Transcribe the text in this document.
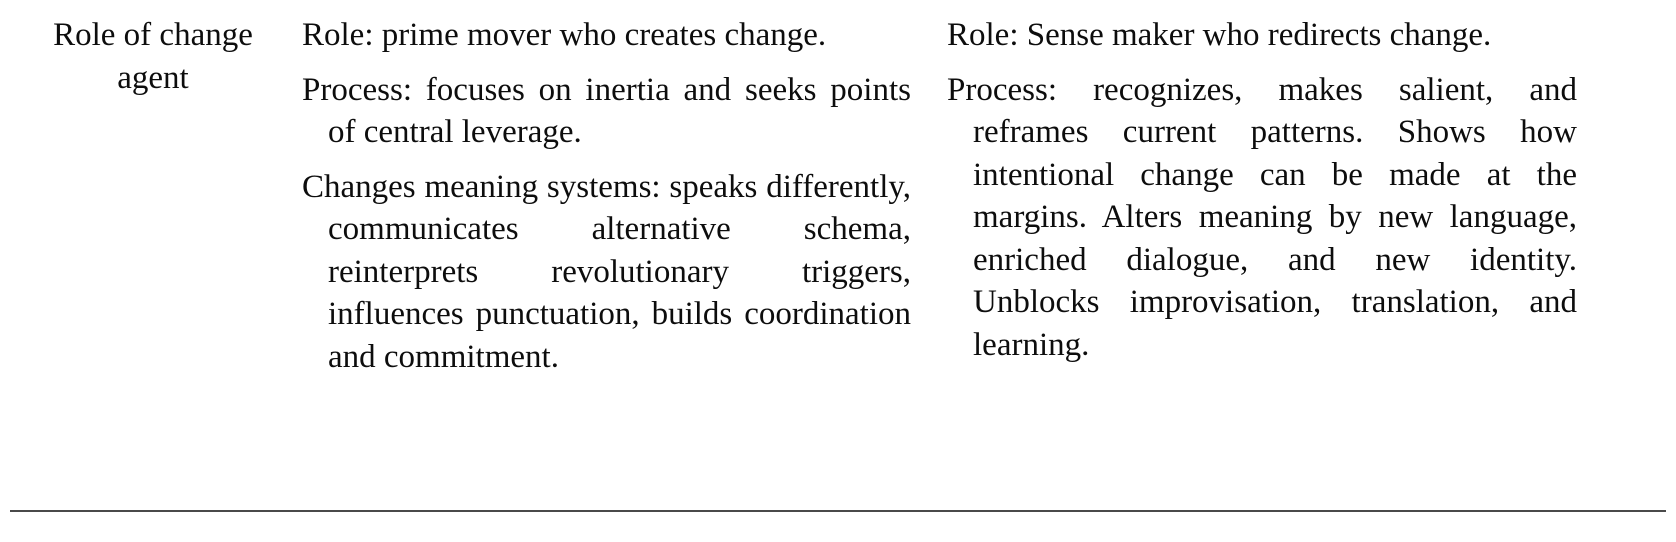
Role of change agent

Role: prime mover who creates change.

Process: focuses on inertia and seeks points of central leverage.

Changes meaning systems: speaks differently, communicates alternative schema, reinterprets revolutionary triggers, influences punctuation, builds coordination and commitment.

Role: Sense maker who redirects change.

Process: recognizes, makes salient, and reframes current patterns. Shows how intentional change can be made at the margins. Alters meaning by new language, enriched dialogue, and new identity. Unblocks improvisation, translation, and learning.
